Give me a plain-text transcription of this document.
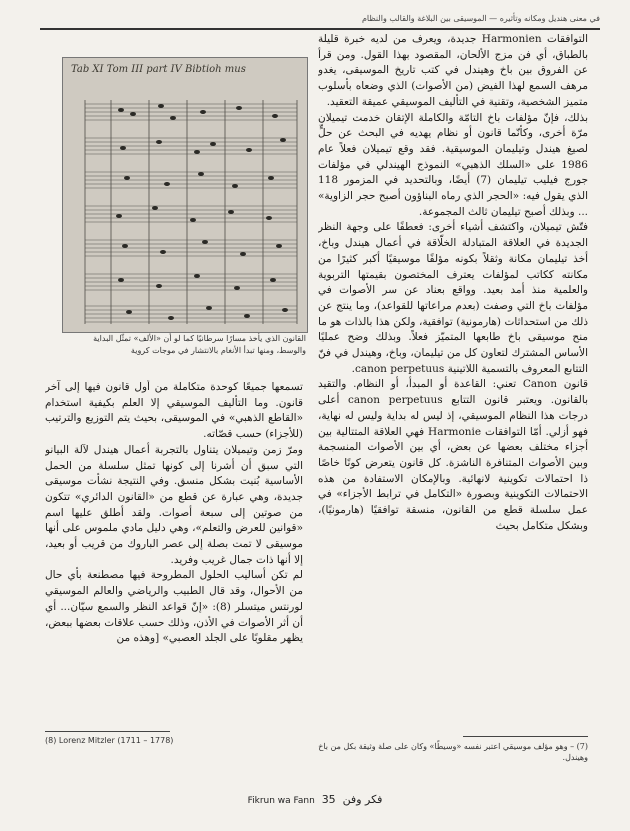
في معنى هنديل ومكانه وتأثيره — الموسيقى بين البلاغة والقالب والنظام

التوافقات Harmonien جديدة، ويعرف من لديه خبرة قليلة بالطباق، أي فن مزج الألحان، المقصود بهذا القول. ومن قرأ عن الفروق بين باخ وهيندل في كتب تاريخ الموسيقى، يغدو مرهف السمع لهذا الفيض (من الأصوات) الذي وضعاه بأسلوب متميز الشخصية، وتقنية في التأليف الموسيقي عميقة التعقيد.

بذلك، فإنّ مؤلفات باخ التامّة والكاملة الإتقان خدمت تيميلان مرّة أخرى، وكأنّما قانون أو نظام يهديه في البحث عن حلٍّ لصيغ هيندل وتيليمان الموسيقية. فقد وقع تيميلان فعلاً عام 1986 على «السلك الذهبي» النموذج الهيندلي في مؤلفات جورج فيليب تيليمان (7) أيضًا، وبالتحديد في المزمور 118 الذي يقول فيه: «الحجر الذي رماه البناؤون أصبح حجر الزاوية» ... وبذلك أصبح تيليمان ثالث المجموعة.

فتّش تيميلان، واكتشف أشياء أخرى: فعطفًا على وجهة النظر الجديدة في العلاقة المتبادلة الخلّاقة في أعمال هيندل وباخ، أخذ تيليمان مكانة وثقلاً بكونه مؤلفًا موسيقيًا أكبر كثيرًا من مكانته ككاتب لمؤلفات يعترف المختصون بقيمتها التربوية والعلمية منذ أمد بعيد. وواقع بعناد عن سر الأصوات في مؤلفات باخ التي وصفت (بعدم مراعاتها للقواعد)، وما ينتج عن ذلك من استحداثات (هارمونية) توافقية، ولكن هذا بالذات هو ما منح موسيقى باخ طابعها المتميّز فعلاً. وبذلك وضح عمليًا الأساس المشترك لتعاون كل من تيليمان، وباخ، وهيندل في فنّ التتابع المعروف بالتسمية اللاتينية canon perpetuus.

قانون Canon تعني: القاعدة أو المبدأ، أو النظام. والتقيد بالقانون. ويعتبر قانون التتابع canon perpetuus أعلى درجات هذا النظام الموسيقي، إذ ليس له بداية وليس له نهاية، فهو أزلي. أمّا التوافقات Harmonie فهي العلاقة المتتالية بين أجزاء مختلف بعضها عن بعض، أي بين الأصوات المنسجمة وبين الأصوات المتنافرة الناشزة. كل قانون يتعرض كونًا خاصًا ذا احتمالات تكوينية لانهائية. وبالإمكان الاستفادة من هذه الاحتمالات التكوينية وبصورة «التكامل في ترابط الأجزاء» في عمل سلسلة قطع من القانون، منسقة توافقيًا (هارمونيًا)، وبشكل متكامل بحيث

Tab XI Tom III part IV Bibtioh mus
القانون الذي يأخذ مسارًا سرطانيًا كما لو أن «الألف» تمثّل البداية والوسط، ومنها تبدأ الأنغام بالانتشار في موجات كروية

تسمعها جميعًا كوحدة متكاملة من أول قانون فيها إلى آخر قانون. وما التأليف الموسيقي إلا العلم بكيفية استخدام «القاطع الذهبي» في الموسيقى، بحيث يتم التوزيع والترتيب (للأجزاء) حسب قصّاته.

ومرّ زمن وتيميلان يتناول بالتجربة أعمال هيندل لآلة البيانو التي سبق أن أشرنا إلى كونها تمثل سلسلة من الحمل الأساسية بُنيت بشكل منسق. وفي النتيجة نشأت موسيقى جديدة، وهي عبارة عن قطع من «القانون الدائري» تتكون من صوتين إلى سبعة أصوات. ولقد أطلق عليها اسم «قوانين للعرض والتعلم»، وهي دليل مادي ملموس على أنها موسيقى لا تمت بصلة إلى عصر الباروك من قريب أو بعيد، إلا أنها ذات جمال غريب وفريد.

لم تكن أساليب الحلول المطروحة فيها مصطنعة بأي حال من الأحوال، وقد قال الطبيب والرياضي والعالم الموسيقي لورنتس ميتسلر (8): «إنّ قواعد النظر والسمع سيّان... أي أن أثر الأصوات في الأذن، وذلك حسب علاقات بعضها ببعض، يظهر مقلوبًا على الجلد العصبي» [وهذه من

(8) Lorenz Mitzler (1711 – 1778)
(7) – وهو مؤلف موسيقي اعتبر نفسه «وسيطًا» وكان على صلة وثيقة بكل من باخ وهيندل.
Fikrun wa Fann 35 فكر وفن
